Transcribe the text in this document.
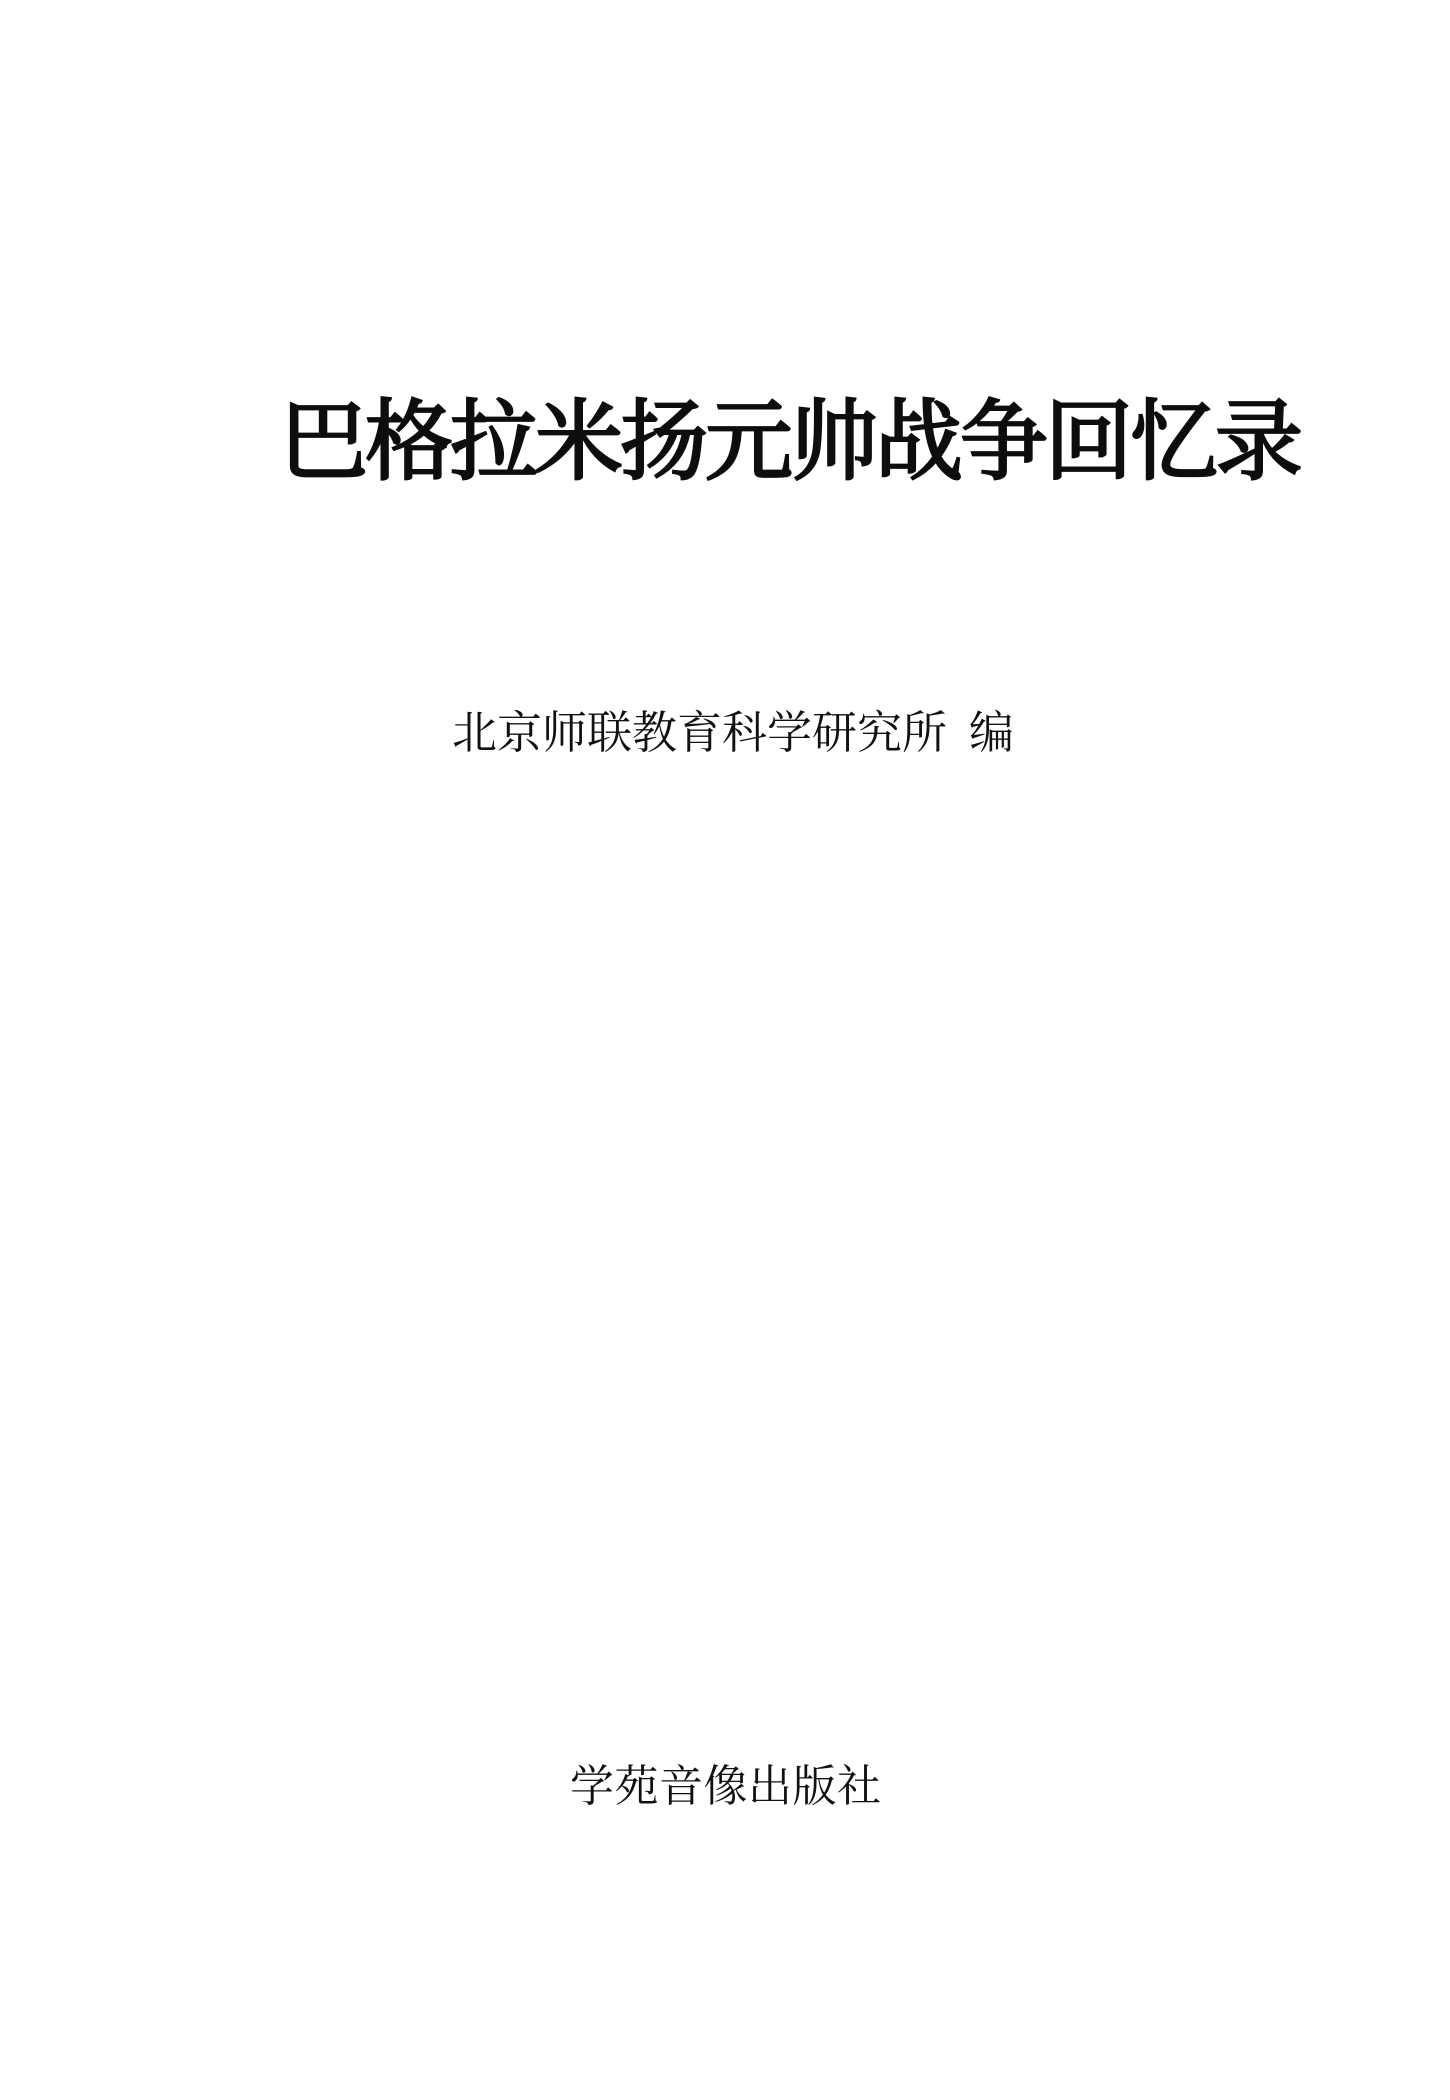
巴格拉米扬元帅战争回忆录
北京师联教育科学研究所 编
学苑音像出版社
